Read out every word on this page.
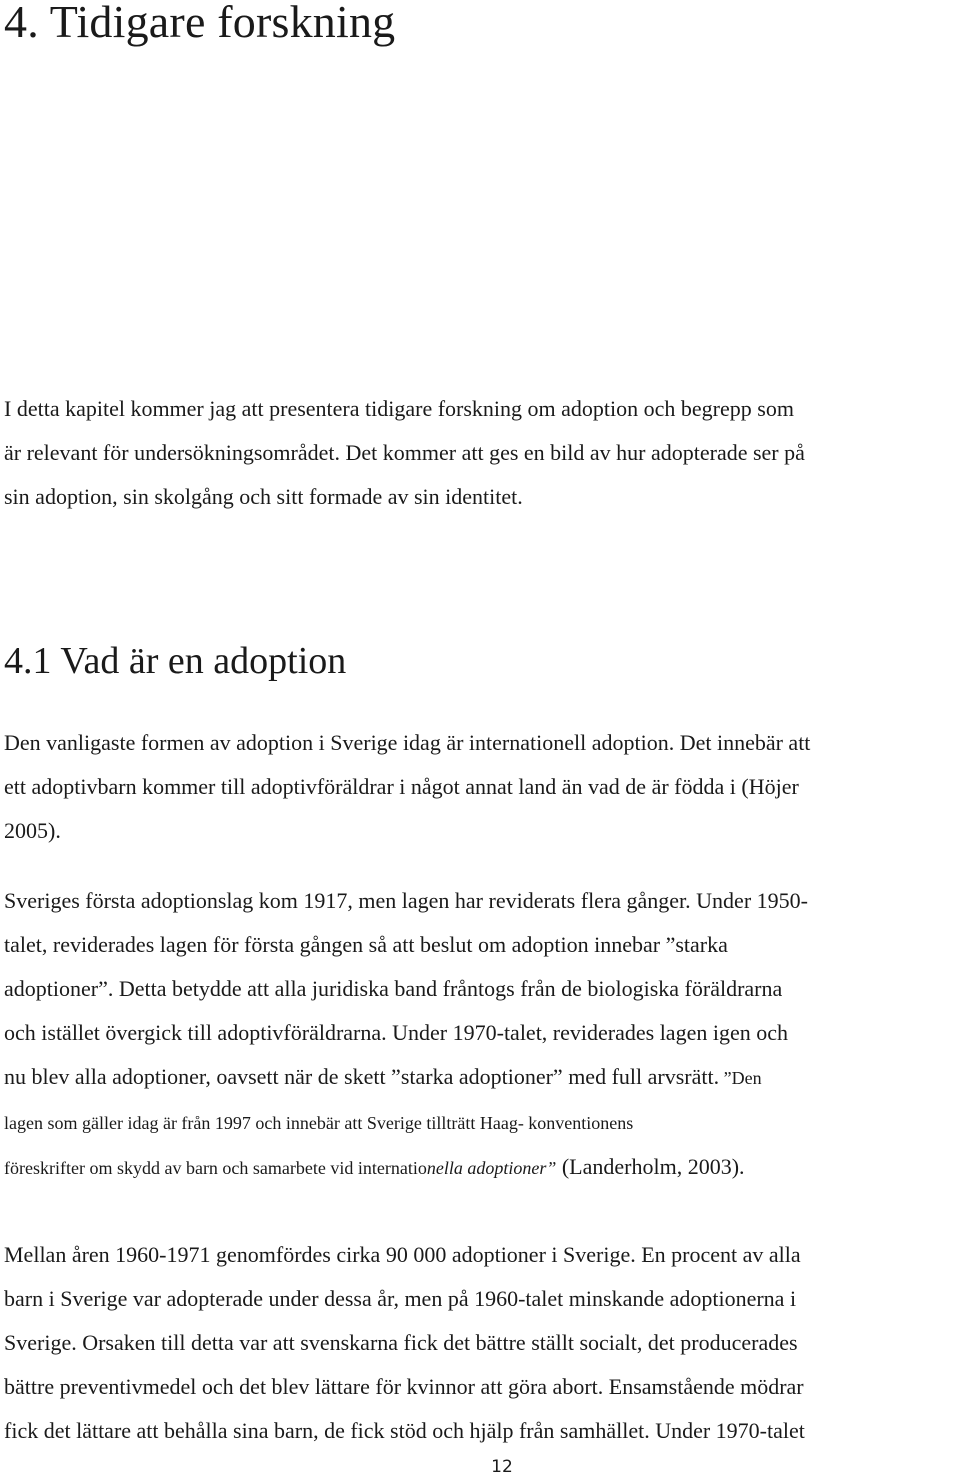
4. Tidigare forskning
I detta kapitel kommer jag att presentera tidigare forskning om adoption och begrepp som
är relevant för undersökningsområdet. Det kommer att ges en bild av hur adopterade ser på
sin adoption, sin skolgång och sitt formade av sin identitet.
4.1 Vad är en adoption
Den vanligaste formen av adoption i Sverige idag är internationell adoption. Det innebär att
ett adoptivbarn kommer till adoptivföräldrar i något annat land än vad de är födda i (Höjer
2005).
Sveriges första adoptionslag kom 1917, men lagen har reviderats flera gånger. Under 1950-
talet, reviderades lagen för första gången så att beslut om adoption innebar ”starka
adoptioner”. Detta betydde att alla juridiska band fråntogs från de biologiska föräldrarna
och istället övergick till adoptivföräldrarna. Under 1970-talet, reviderades lagen igen och
nu blev alla adoptioner, oavsett när de skett ”starka adoptioner” med full arvsrätt. ”Den
lagen som gäller idag är från 1997 och innebär att Sverige tillträtt Haag- konventionens
föreskrifter om skydd av barn och samarbete vid internationella adoptioner” (Landerholm, 2003).
Mellan åren 1960-1971 genomfördes cirka 90 000 adoptioner i Sverige. En procent av alla
barn i Sverige var adopterade under dessa år, men på 1960-talet minskande adoptionerna i
Sverige. Orsaken till detta var att svenskarna fick det bättre ställt socialt, det producerades
bättre preventivmedel och det blev lättare för kvinnor att göra abort. Ensamstående mödrar
fick det lättare att behålla sina barn, de fick stöd och hjälp från samhället. Under 1970-talet
12
